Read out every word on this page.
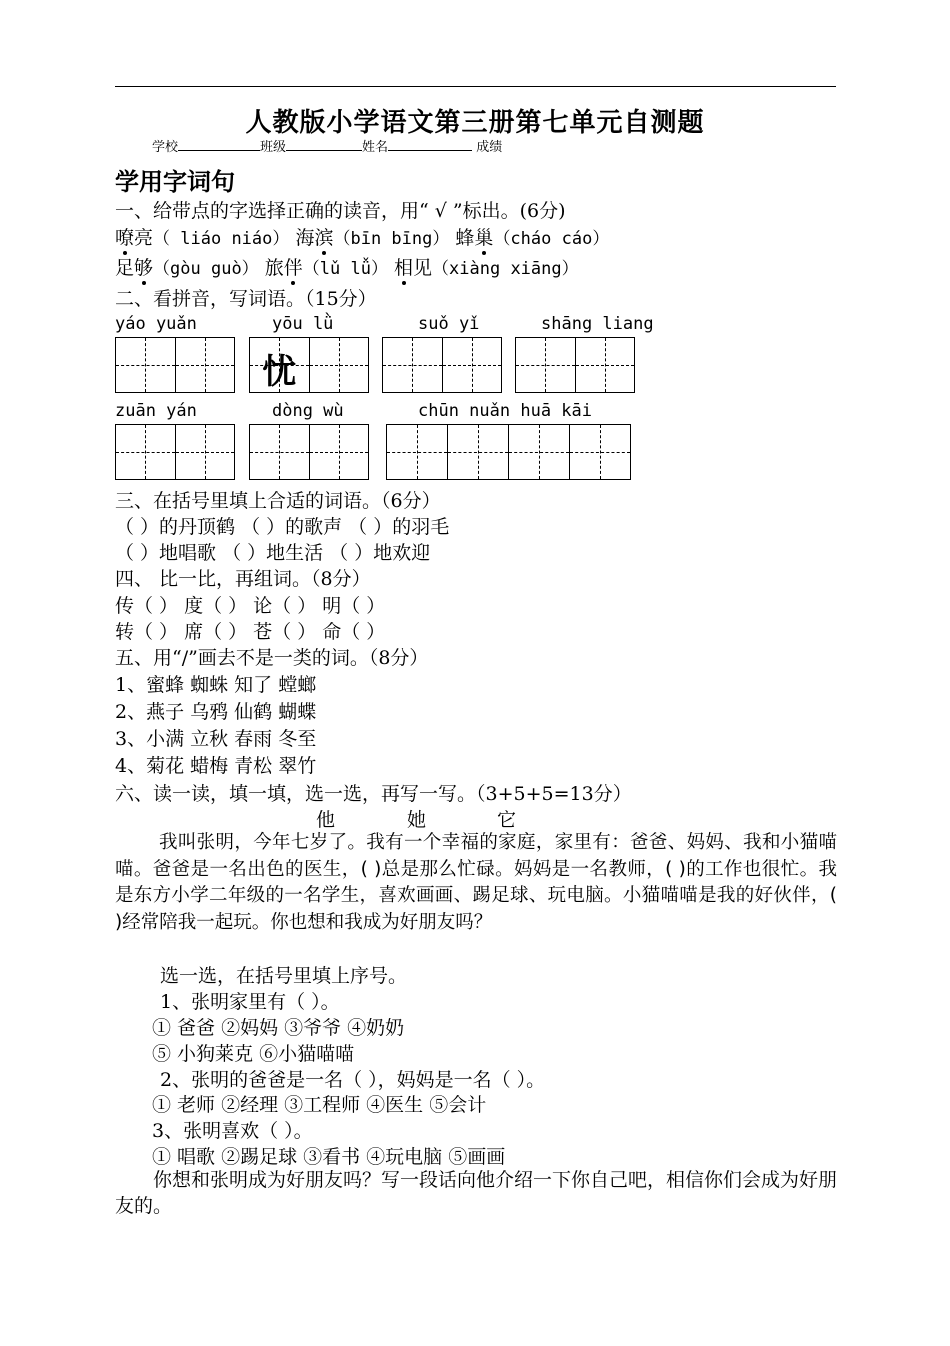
人教版小学语文第三册第七单元自测题
学校	班级	姓名	成绩
学用字词句
一、给带点的字选择正确的读音，用“ √ ”标出。(6分)
嘹亮（ liáo niáo） 海滨（bīn bīng） 蜂巢（cháo cáo）
足够（gòu guò） 旅伴（lǔ lǚ） 相见（xiàng xiāng）
二、看拼音，写词语。（15分）
yáo yuǎn	yōu lǜ	suǒ yǐ	shāng liang
忧
zuān yán	dòng wù	chūn nuǎn huā kāi
三、在括号里填上合适的词语。（6分）
（ ）的丹顶鹤 （ ）的歌声 （ ）的羽毛
（ ）地唱歌 （ ）地生活 （ ）地欢迎
四、 比一比，再组词。（8分）
传（ ） 度（ ） 论（ ） 明（ ）
转（ ） 席（ ） 苍（ ） 命（ ）
五、用“/”画去不是一类的词。（8分）
1、蜜蜂 蜘蛛 知了 螳螂
2、燕子 乌鸦 仙鹤 蝴蝶
3、小满 立秋 春雨 冬至
4、菊花 蜡梅 青松 翠竹
六、读一读，填一填，选一选，再写一写。（3+5+5=13分）
他	她	它
我叫张明，今年七岁了。我有一个幸福的家庭，家里有：爸爸、妈妈、我和小猫喵喵。爸爸是一名出色的医生，( )总是那么忙碌。妈妈是一名教师，( )的工作也很忙。我是东方小学二年级的一名学生，喜欢画画、踢足球、玩电脑。小猫喵喵是我的好伙伴，( )经常陪我一起玩。你也想和我成为好朋友吗？
选一选，在括号里填上序号。
1、张明家里有（ ）。
① 爸爸 ②妈妈 ③爷爷 ④奶奶
⑤ 小狗莱克 ⑥小猫喵喵
2、张明的爸爸是一名（ ），妈妈是一名（ ）。
① 老师 ②经理 ③工程师 ④医生 ⑤会计
3、张明喜欢（ ）。
① 唱歌 ②踢足球 ③看书 ④玩电脑 ⑤画画
你想和张明成为好朋友吗？写一段话向他介绍一下你自己吧，相信你们会成为好朋友的。
